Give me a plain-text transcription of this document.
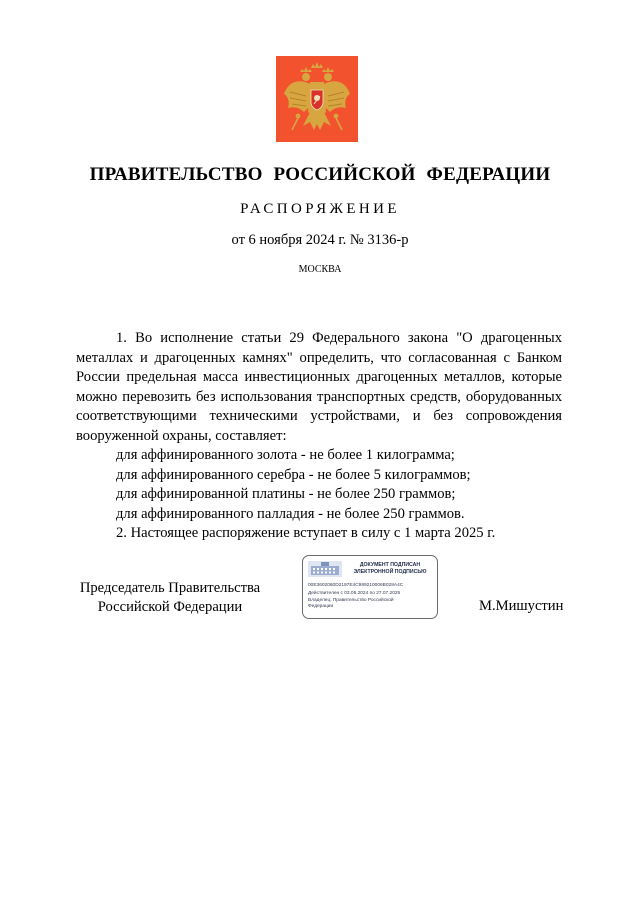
ПРАВИТЕЛЬСТВО РОССИЙСКОЙ ФЕДЕРАЦИИ
РАСПОРЯЖЕНИЕ
от 6 ноября 2024 г. № 3136-р
МОСКВА

1. Во исполнение статьи 29 Федерального закона "О драгоценных металлах и драгоценных камнях" определить, что согласованная с Банком России предельная масса инвестиционных драгоценных металлов, которые можно перевозить без использования транспортных средств, оборудованных соответствующими техническими устройствами, и без сопровождения вооруженной охраны, составляет:

для аффинированного золота - не более 1 килограмма;

для аффинированного серебра - не более 5 килограммов;

для аффинированной платины - не более 250 граммов;

для аффинированного палладия - не более 250 граммов.

2. Настоящее распоряжение вступает в силу с 1 марта 2025 г.

Председатель Правительства
Российской Федерации
ДОКУМЕНТ ПОДПИСАН
ЭЛЕКТРОННОЙ ПОДПИСЬЮ
00E3602060D2197E4C989210006B028A4C
Действителен с 03.05.2024 по 27.07.2025
Владелец: Правительство Российской
Федерации	М.Мишустин
